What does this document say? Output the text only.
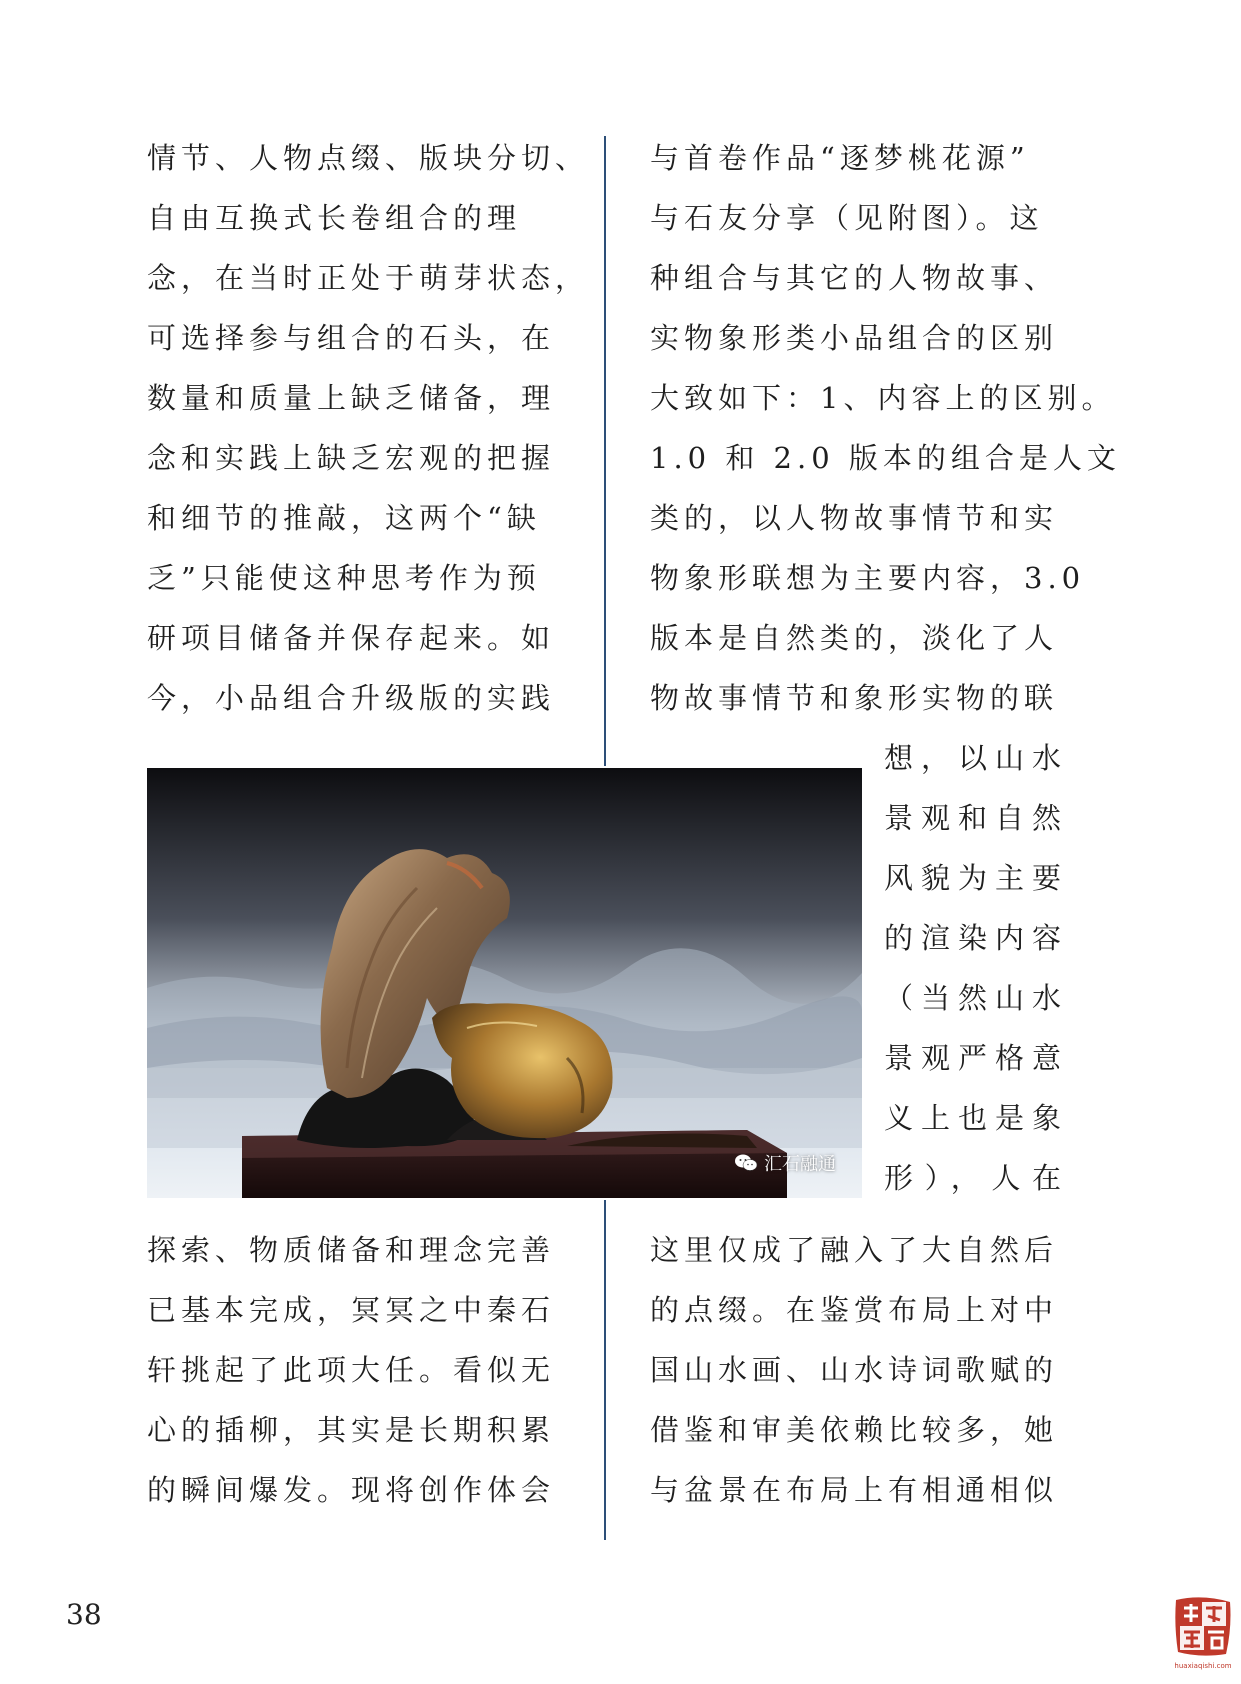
情节、人物点缀、版块分切、
自由互换式长卷组合的理
念，在当时正处于萌芽状态，
可选择参与组合的石头，在
数量和质量上缺乏储备，理
念和实践上缺乏宏观的把握
和细节的推敲，这两个“缺
乏”只能使这种思考作为预
研项目储备并保存起来。如
今，小品组合升级版的实践
与首卷作品“逐梦桃花源”
与石友分享（见附图）。这
种组合与其它的人物故事、
实物象形类小品组合的区别
大致如下：1、内容上的区别。
1.0 和 2.0 版本的组合是人文
类的，以人物故事情节和实
物象形联想为主要内容，3.0
版本是自然类的，淡化了人
物故事情节和象形实物的联
想，以山水
景观和自然
风貌为主要
的渲染内容
（当然山水
景观严格意
义上也是象
形），人在
汇石融通
探索、物质储备和理念完善
已基本完成，冥冥之中秦石
轩挑起了此项大任。看似无
心的插柳，其实是长期积累
的瞬间爆发。现将创作体会
这里仅成了融入了大自然后
的点缀。在鉴赏布局上对中
国山水画、山水诗词歌赋的
借鉴和审美依赖比较多，她
与盆景在布局上有相通相似
38
huaxiaqishi.com
